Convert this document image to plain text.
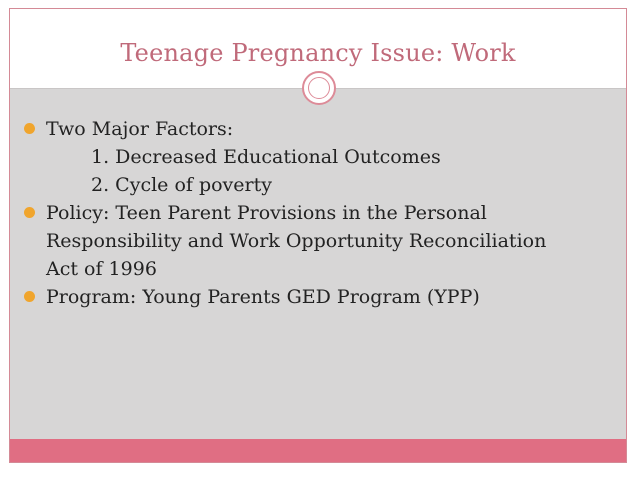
Teenage Pregnancy Issue: Work
Two Major Factors:
1. Decreased Educational Outcomes
2. Cycle of poverty
Policy: Teen Parent Provisions in the Personal
Responsibility and Work Opportunity Reconciliation
Act of 1996
Program: Young Parents GED Program (YPP)
